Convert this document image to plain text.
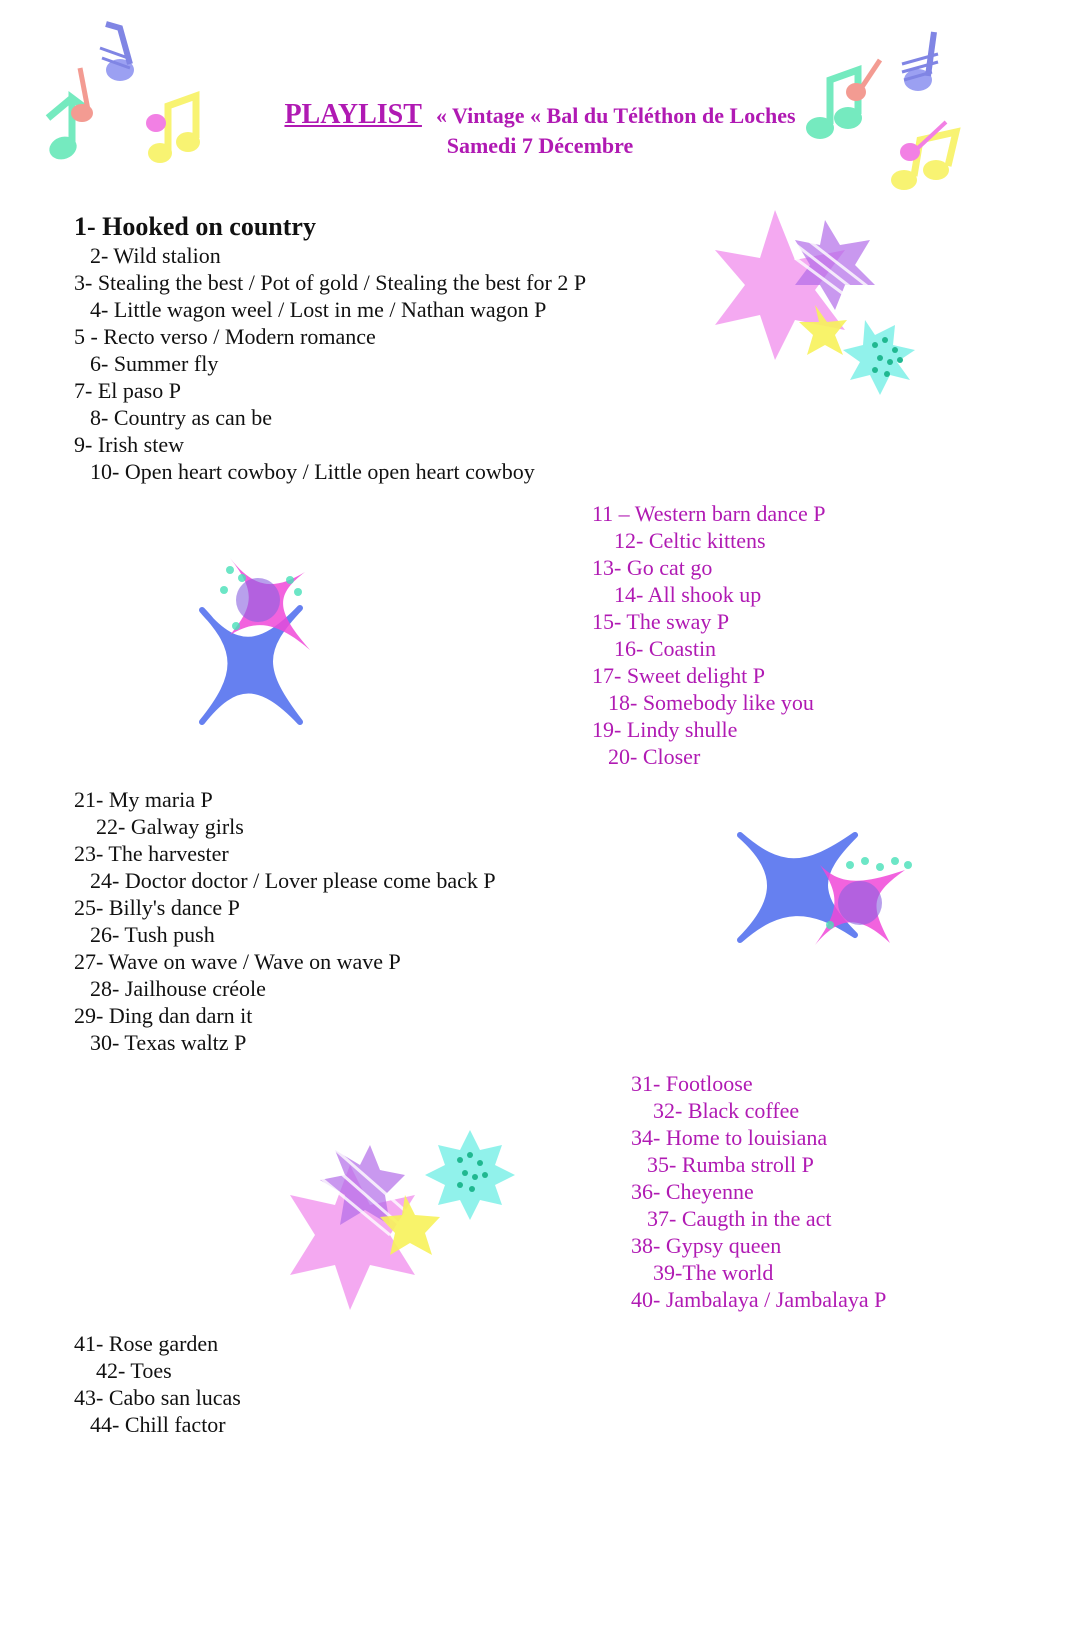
PLAYLIST « Vintage « Bal du Téléthon de Loches
Samedi 7 Décembre
1- Hooked on country
2- Wild stalion
3- Stealing the best / Pot of gold / Stealing the best for 2 P
4- Little wagon weel / Lost in me / Nathan wagon P
5 - Recto verso / Modern romance
6- Summer fly
7- El paso P
8- Country as can be
9- Irish stew
10- Open heart cowboy / Little open heart cowboy
11 – Western barn dance P
12- Celtic kittens
13- Go cat go
14- All shook up
15- The sway P
16- Coastin
17- Sweet delight P
18- Somebody like you
19- Lindy shulle
20- Closer
21- My maria P
22- Galway girls
23- The harvester
24- Doctor doctor / Lover please come back P
25- Billy's dance P
26- Tush push
27- Wave on wave / Wave on wave P
28- Jailhouse créole
29- Ding dan darn it
30- Texas waltz P
31- Footloose
32- Black coffee
34- Home to louisiana
35- Rumba stroll P
36- Cheyenne
37- Caugth in the act
38- Gypsy queen
39-The world
40- Jambalaya / Jambalaya P
41- Rose garden
42- Toes
43- Cabo san lucas
44- Chill factor
